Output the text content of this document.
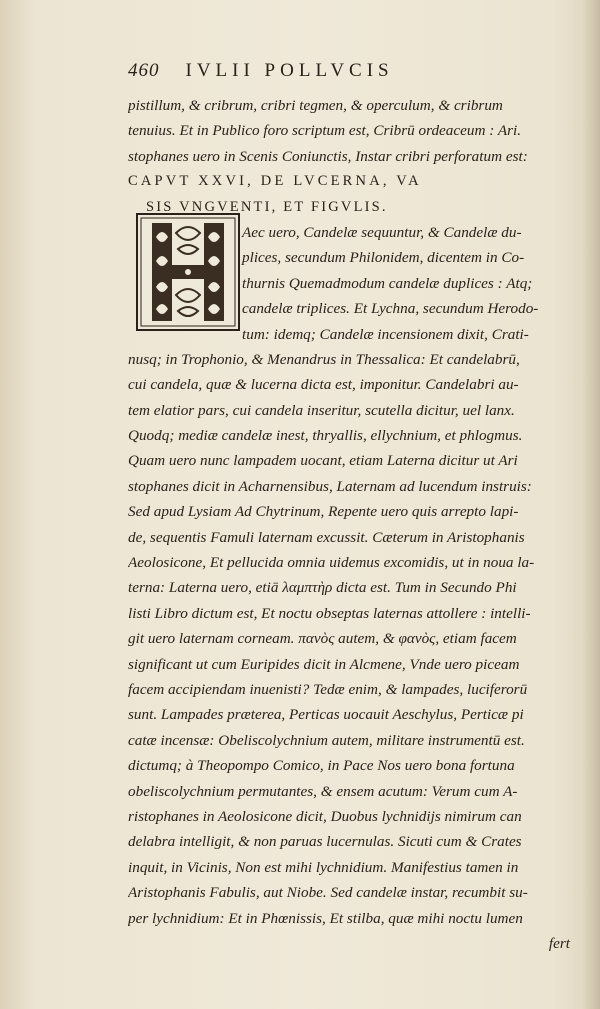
460 IVLII POLLVCIS
pistillum, & cribrum, cribri tegmen, & operculum, & cribrum
tenuius. Et in Publico foro scriptum est, Cribrū ordeaceum : Ari.
stophanes uero in Scenis Coniunctis, Instar cribri perforatum est:
CAPVT XXVI, DE LVCERNA, VA
SIS VNGVENTI, ET FIGVLIS.
Aec uero, Candelæ sequuntur, & Candelæ du-
plices, secundum Philonidem, dicentem in Co-
thurnis Quemadmodum candelæ duplices : Atq;
candelæ triplices. Et Lychna, secundum Herodo-
tum: idemq; Candelæ incensionem dixit, Crati-
nusq; in Trophonio, & Menandrus in Thessalica: Et candelabrū,
cui candela, quæ & lucerna dicta est, imponitur. Candelabri au-
tem elatior pars, cui candela inseritur, scutella dicitur, uel lanx.
Quodq; mediæ candelæ inest, thryallis, ellychnium, et phlogmus.
Quam uero nunc lampadem uocant, etiam Laterna dicitur ut Ari
stophanes dicit in Acharnensibus, Laternam ad lucendum instruis:
Sed apud Lysiam Ad Chytrinum, Repente uero quis arrepto lapi-
de, sequentis Famuli laternam excussit. Cæterum in Aristophanis
Aeolosicone, Et pellucida omnia uidemus excomidis, ut in noua la-
terna: Laterna uero, etiā λαμπτὴρ dicta est. Tum in Secundo Phi
listi Libro dictum est, Et noctu obseptas laternas attollere : intelli-
git uero laternam corneam. πανὸς autem, & φανὸς, etiam facem
significant ut cum Euripides dicit in Alcmene, Vnde uero piceam
facem accipiendam inuenisti? Tedæ enim, & lampades, luciferorū
sunt. Lampades præterea, Perticas uocauit Aeschylus, Perticæ pi
catæ incensæ: Obeliscolychnium autem, militare instrumentū est.
dictumq; à Theopompo Comico, in Pace Nos uero bona fortuna
obeliscolychnium permutantes, & ensem acutum: Verum cum A-
ristophanes in Aeolosicone dicit, Duobus lychnidijs nimirum can
delabra intelligit, & non paruas lucernulas. Sicuti cum & Crates
inquit, in Vicinis, Non est mihi lychnidium. Manifestius tamen in
Aristophanis Fabulis, aut Niobe. Sed candelæ instar, recumbit su-
per lychnidium: Et in Phœnissis, Et stilba, quæ mihi noctu lumen
fert
